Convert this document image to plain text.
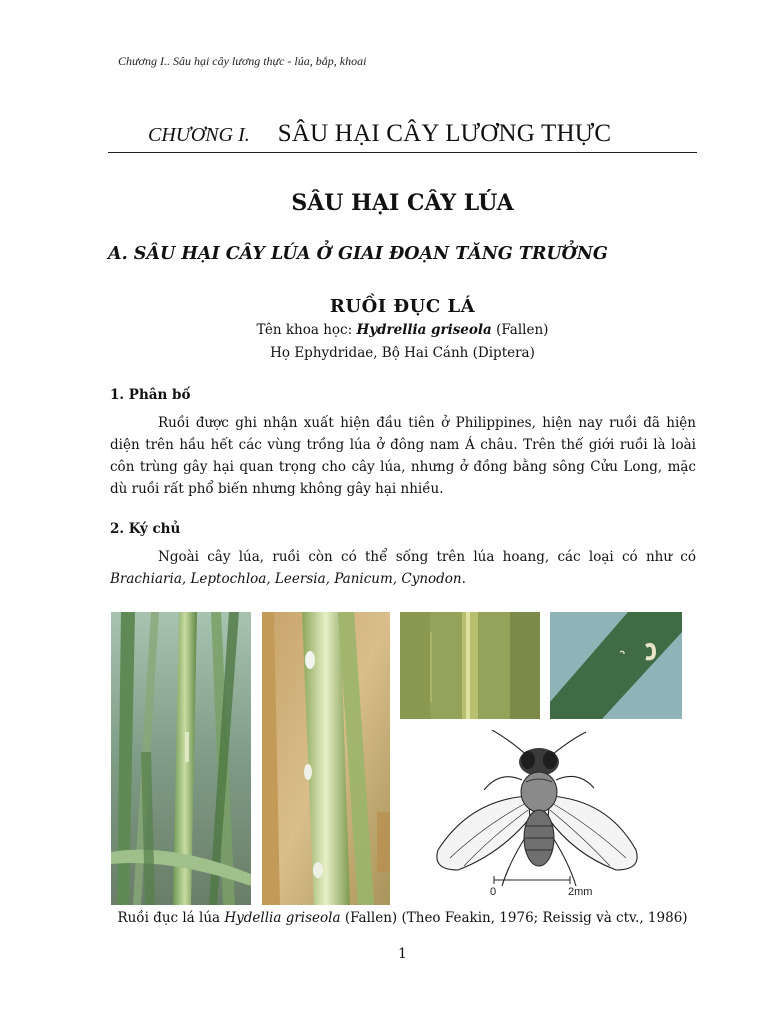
Chương I.. Sâu hại cây lương thực - lúa, bắp, khoai
CHƯƠNG I. SÂU HẠI CÂY LƯƠNG THỰC
SÂU HẠI CÂY LÚA
A. SÂU HẠI CÂY LÚA Ở GIAI ĐOẠN TĂNG TRƯỞNG
RUỒI ĐỤC LÁ
Tên khoa học: Hydrellia griseola (Fallen)
Họ Ephydridae, Bộ Hai Cánh (Diptera)
1. Phân bố
Ruồi được ghi nhận xuất hiện đầu tiên ở Philippines, hiện nay ruồi đã hiện
diện trên hầu hết các vùng trồng lúa ở đông nam Á châu. Trên thế giới ruồi là loài
côn trùng gây hại quan trọng cho cây lúa, nhưng ở đồng bằng sông Cửu Long, mặc
dù ruồi rất phổ biến nhưng không gây hại nhiều.
2. Ký chủ
Ngoài cây lúa, ruồi còn có thể sống trên lúa hoang, các loại có như có
Brachiaria, Leptochloa, Leersia, Panicum, Cynodon.
0	2mm
Ruồi đục lá lúa Hydellia griseola (Fallen) (Theo Feakin, 1976; Reissig và ctv., 1986)
1
